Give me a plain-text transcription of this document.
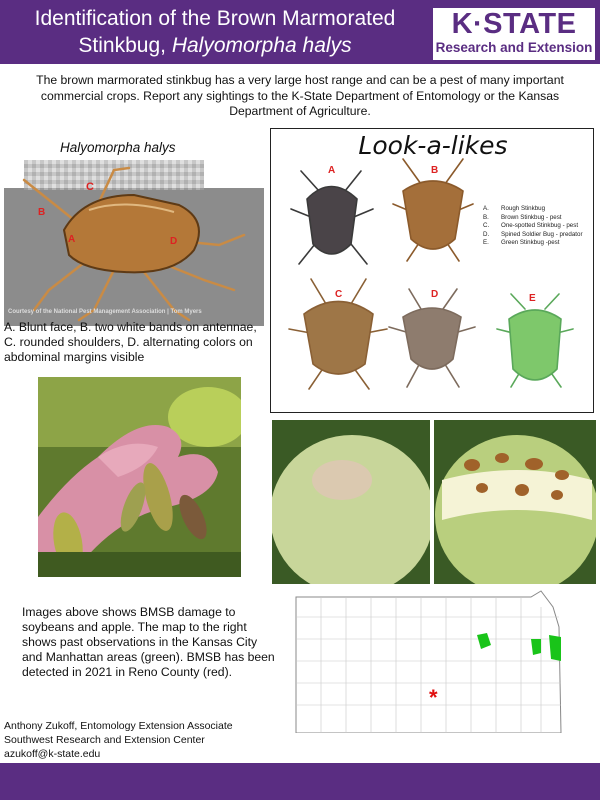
Identification of the Brown Marmorated
Stinkbug, Halyomorpha halys
K·STATE
Research and Extension
The brown marmorated stinkbug has a very large host range and can be a pest of many important commercial crops. Report any sightings to the K-State Department of Entomology or the Kansas Department of Agriculture.
Halyomorpha halys
C
B
A	D
Courtesy of the National Pest Management Association | Tom Myers
A. Blunt face, B. two white bands on antennae, C. rounded shoulders, D. alternating colors on abdominal margins visible
Look-a-likes
A	B
C	D	E
A.	Rough Stinkbug
B.	Brown Stinkbug - pest
C.	One-spotted Stinkbug - pest
D.	Spined Soldier Bug - predator
E.	Green Stinkbug -pest
*
Images above shows BMSB damage to soybeans and apple. The map to the right shows past observations in the Kansas City and Manhattan areas (green). BMSB has been detected in 2021 in Reno County (red).
Anthony Zukoff, Entomology Extension Associate
Southwest Research and Extension Center
azukoff@k-state.edu
